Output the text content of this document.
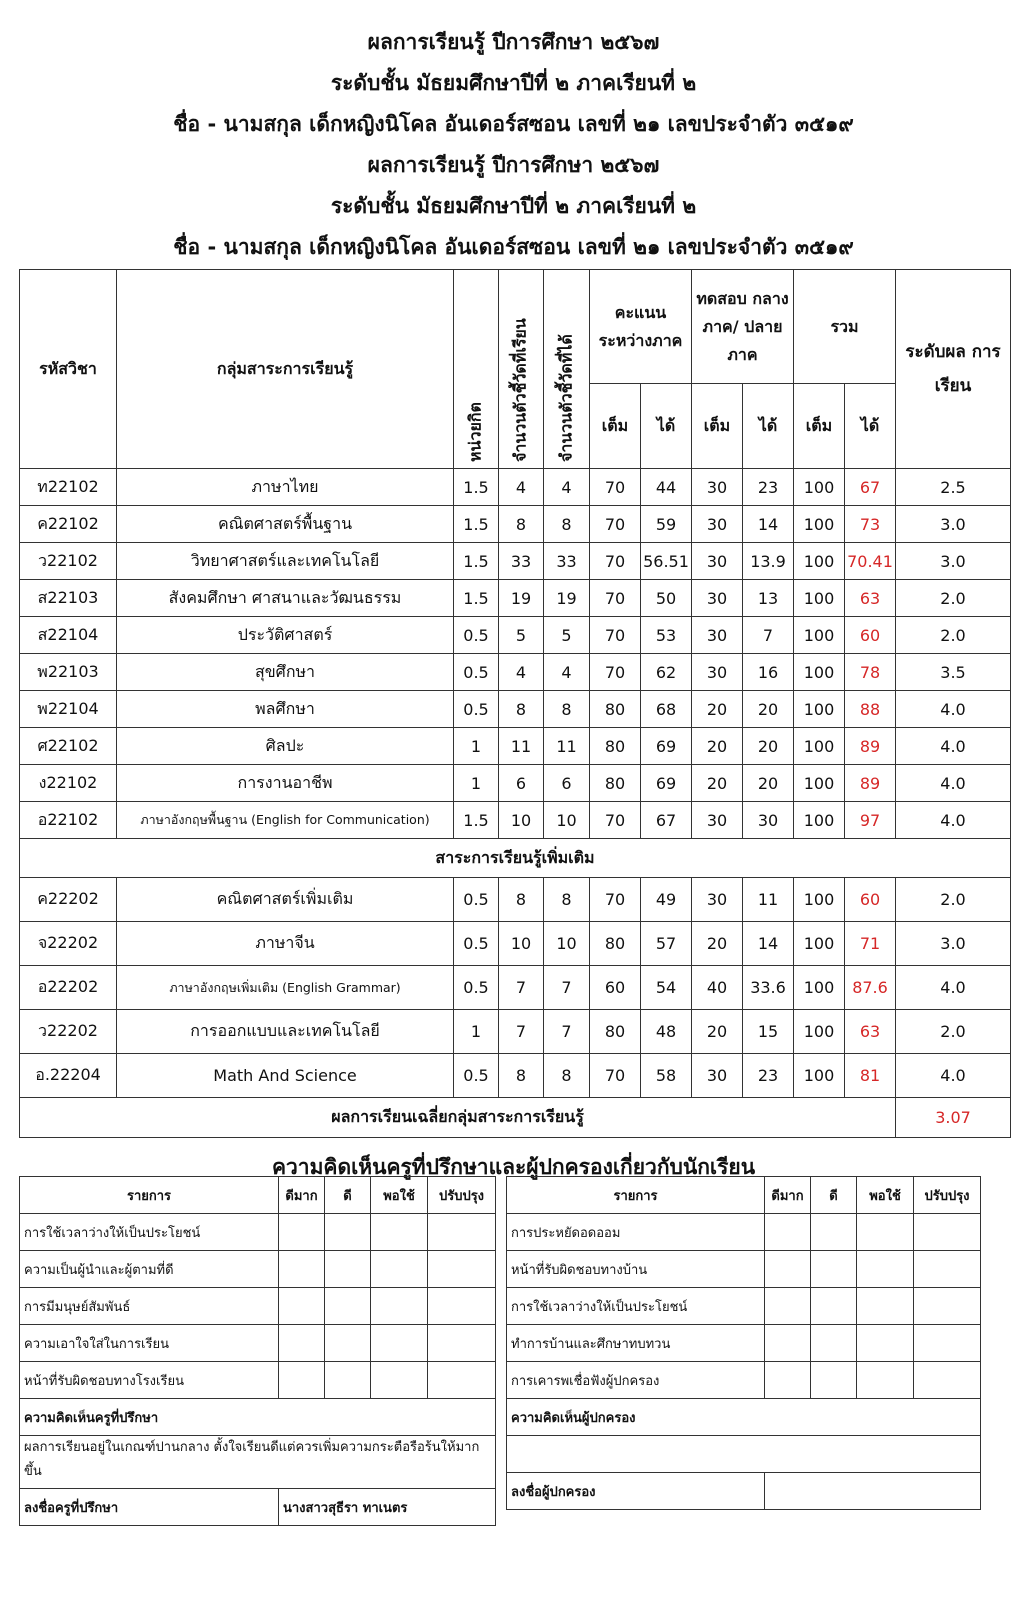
ผลการเรียนรู้ ปีการศึกษา ๒๕๖๗
ระดับชั้น มัธยมศึกษาปีที่ ๒ ภาคเรียนที่ ๒
ชื่อ - นามสกุล เด็กหญิงนิโคล อันเดอร์สซอน เลขที่ ๒๑ เลขประจำตัว ๓๕๑๙
ผลการเรียนรู้ ปีการศึกษา ๒๕๖๗
ระดับชั้น มัธยมศึกษาปีที่ ๒ ภาคเรียนที่ ๒
ชื่อ - นามสกุล เด็กหญิงนิโคล อันเดอร์สซอน เลขที่ ๒๑ เลขประจำตัว ๓๕๑๙
รหัสวิชา	กลุ่มสาระการเรียนรู้	หน่วยกิต	จำนวนตัวชี้วัดที่เรียน	จำนวนตัวชี้วัดที่ได้	คะแนน ระหว่างภาค		ทดสอบ กลางภาค/ ปลายภาค		รวม		ระดับผล การเรียน
					เต็ม	ได้	เต็ม	ได้	เต็ม	ได้	
ท22102	ภาษาไทย	1.5	4	4	70	44	30	23	100	67	2.5
ค22102	คณิตศาสตร์พื้นฐาน	1.5	8	8	70	59	30	14	100	73	3.0
ว22102	วิทยาศาสตร์และเทคโนโลยี	1.5	33	33	70	56.51	30	13.9	100	70.41	3.0
ส22103	สังคมศึกษา ศาสนาและวัฒนธรรม	1.5	19	19	70	50	30	13	100	63	2.0
ส22104	ประวัติศาสตร์	0.5	5	5	70	53	30	7	100	60	2.0
พ22103	สุขศึกษา	0.5	4	4	70	62	30	16	100	78	3.5
พ22104	พลศึกษา	0.5	8	8	80	68	20	20	100	88	4.0
ศ22102	ศิลปะ	1	11	11	80	69	20	20	100	89	4.0
ง22102	การงานอาชีพ	1	6	6	80	69	20	20	100	89	4.0
อ22102	ภาษาอังกฤษพื้นฐาน (English for Communication)	1.5	10	10	70	67	30	30	100	97	4.0
สาระการเรียนรู้เพิ่มเติม											
ค22202	คณิตศาสตร์เพิ่มเติม	0.5	8	8	70	49	30	11	100	60	2.0
จ22202	ภาษาจีน	0.5	10	10	80	57	20	14	100	71	3.0
อ22202	ภาษาอังกฤษเพิ่มเติม (English Grammar)	0.5	7	7	60	54	40	33.6	100	87.6	4.0
ว22202	การออกแบบและเทคโนโลยี	1	7	7	80	48	20	15	100	63	2.0
อ.22204	Math And Science	0.5	8	8	70	58	30	23	100	81	4.0
ผลการเรียนเฉลี่ยกลุ่มสาระการเรียนรู้											3.07
ความคิดเห็นครูที่ปรึกษาและผู้ปกครองเกี่ยวกับนักเรียน
รายการ	ดีมาก	ดี	พอใช้	ปรับปรุง
การใช้เวลาว่างให้เป็นประโยชน์				
ความเป็นผู้นำและผู้ตามที่ดี				
การมีมนุษย์สัมพันธ์				
ความเอาใจใส่ในการเรียน				
หน้าที่รับผิดชอบทางโรงเรียน				
ความคิดเห็นครูที่ปรึกษา				
ผลการเรียนอยู่ในเกณฑ์ปานกลาง ตั้งใจเรียนดีแต่ควรเพิ่มความกระตือรือร้นให้มากขึ้น				
ลงชื่อครูที่ปรึกษา	นางสาวสุธีรา ทาเนตร			
รายการ	ดีมาก	ดี	พอใช้	ปรับปรุง
การประหยัดอดออม				
หน้าที่รับผิดชอบทางบ้าน				
การใช้เวลาว่างให้เป็นประโยชน์				
ทำการบ้านและศึกษาทบทวน				
การเคารพเชื่อฟังผู้ปกครอง				
ความคิดเห็นผู้ปกครอง				

ลงชื่อผู้ปกครอง				
